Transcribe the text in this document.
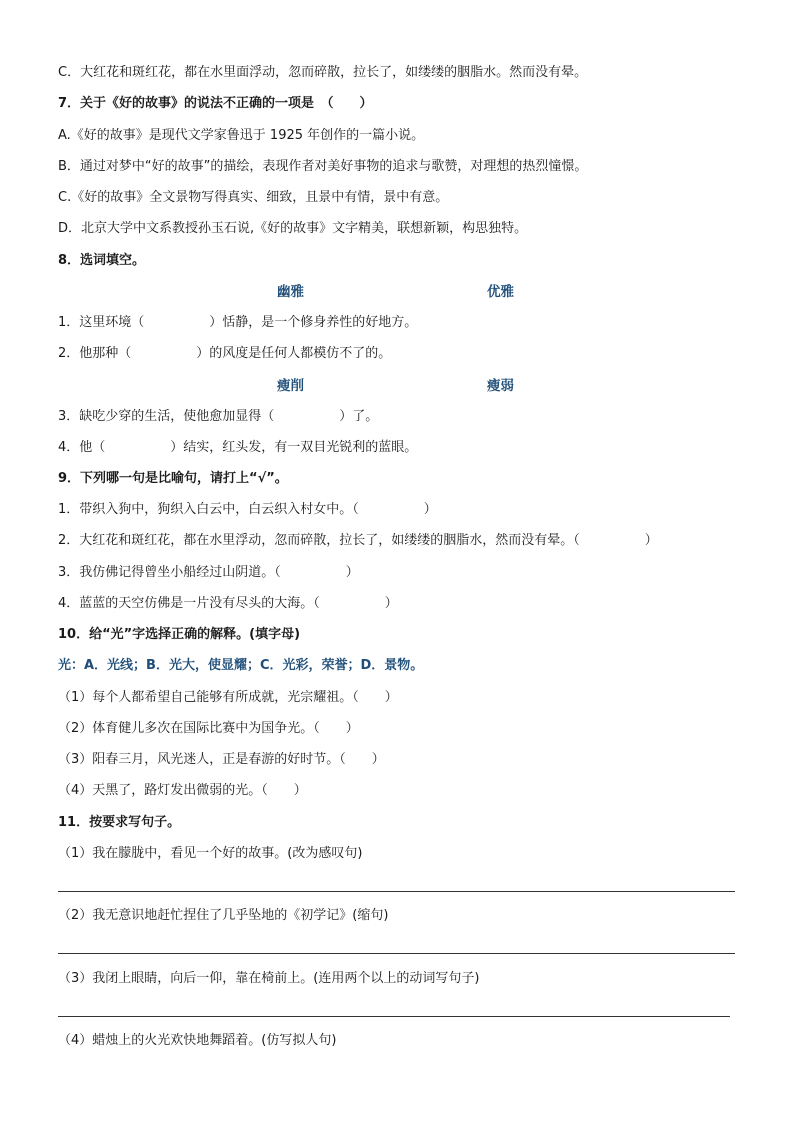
C．大红花和斑红花，都在水里面浮动，忽而碎散，拉长了，如缕缕的胭脂水。然而没有晕。
7．关于《好的故事》的说法不正确的一项是　（　　）
A.《好的故事》是现代文学家鲁迅于 1925 年创作的一篇小说。
B．通过对梦中“好的故事”的描绘，表现作者对美好事物的追求与歌赞，对理想的热烈憧憬。
C.《好的故事》全文景物写得真实、细致，且景中有情，景中有意。
D．北京大学中文系教授孙玉石说,《好的故事》文字精美，联想新颖，构思独特。
8．选词填空。
幽雅	优雅
1．这里环境（　　　　　）恬静，是一个修身养性的好地方。
2．他那种（　　　　　）的风度是任何人都模仿不了的。
瘦削	瘦弱
3．缺吃少穿的生活，使他愈加显得（　　　　　）了。
4．他（　　　　　）结实，红头发，有一双目光锐利的蓝眼。
9．下列哪一句是比喻句，请打上“√”。
1．带织入狗中，狗织入白云中，白云织入村女中。（　　　　　）
2．大红花和斑红花，都在水里浮动，忽而碎散，拉长了，如缕缕的胭脂水，然而没有晕。（　　　　　）
3．我仿佛记得曾坐小船经过山阴道。（　　　　　）
4．蓝蓝的天空仿佛是一片没有尽头的大海。（　　　　　）
10．给“光”字选择正确的解释。(填字母)
光：A．光线；B．光大，使显耀；C．光彩，荣誉；D．景物。
（1）每个人都希望自己能够有所成就，光宗耀祖。（　　）
（2）体育健儿多次在国际比赛中为国争光。（　　）
（3）阳春三月，风光迷人，正是春游的好时节。（　　）
（4）天黑了，路灯发出微弱的光。（　　）
11．按要求写句子。
（1）我在朦胧中，看见一个好的故事。(改为感叹句)
（2）我无意识地赶忙捏住了几乎坠地的《初学记》(缩句)
（3）我闭上眼睛，向后一仰，靠在椅前上。(连用两个以上的动词写句子)
（4）蜡烛上的火光欢快地舞蹈着。(仿写拟人句)
